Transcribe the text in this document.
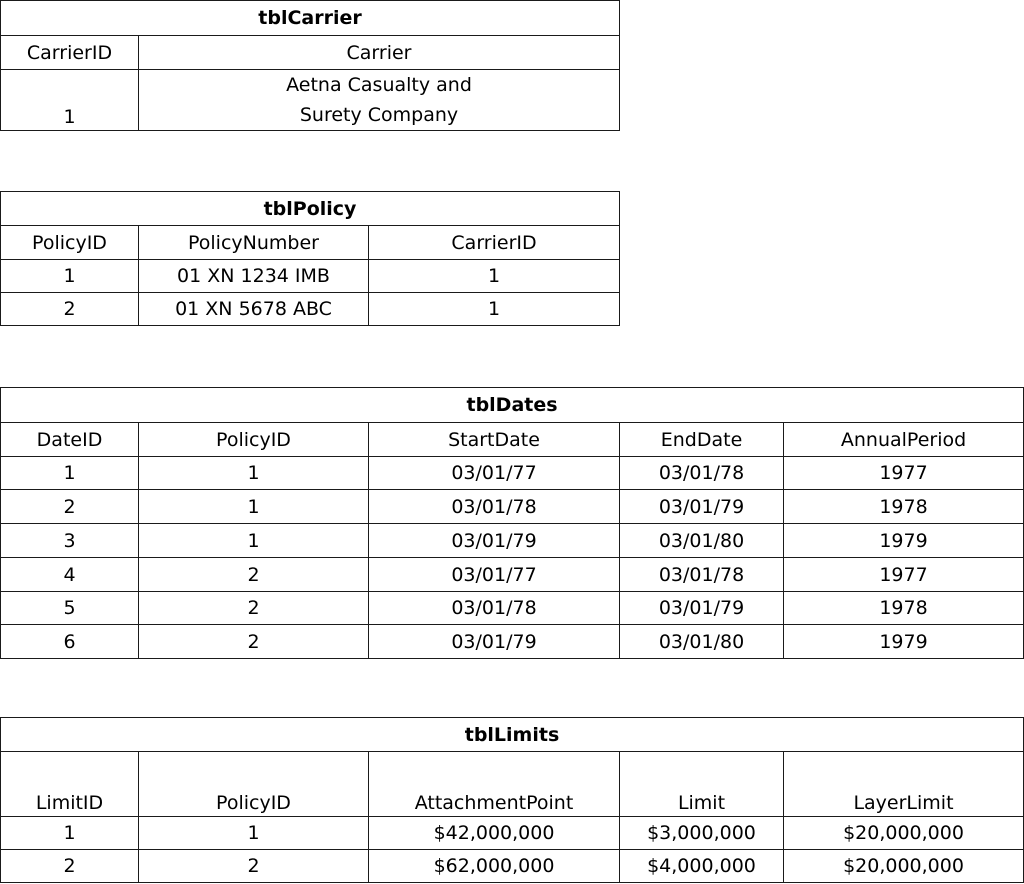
tblCarrier	
CarrierID	Carrier
1	Aetna Casualty and Surety Company
tblPolicy		
PolicyID	PolicyNumber	CarrierID
1	01 XN 1234 IMB	1
2	01 XN 5678 ABC	1
tblDates				
DateID	PolicyID	StartDate	EndDate	AnnualPeriod
1	1	03/01/77	03/01/78	1977
2	1	03/01/78	03/01/79	1978
3	1	03/01/79	03/01/80	1979
4	2	03/01/77	03/01/78	1977
5	2	03/01/78	03/01/79	1978
6	2	03/01/79	03/01/80	1979
tblLimits				
LimitID	PolicyID	AttachmentPoint	Limit	LayerLimit
1	1	$42,000,000	$3,000,000	$20,000,000
2	2	$62,000,000	$4,000,000	$20,000,000
